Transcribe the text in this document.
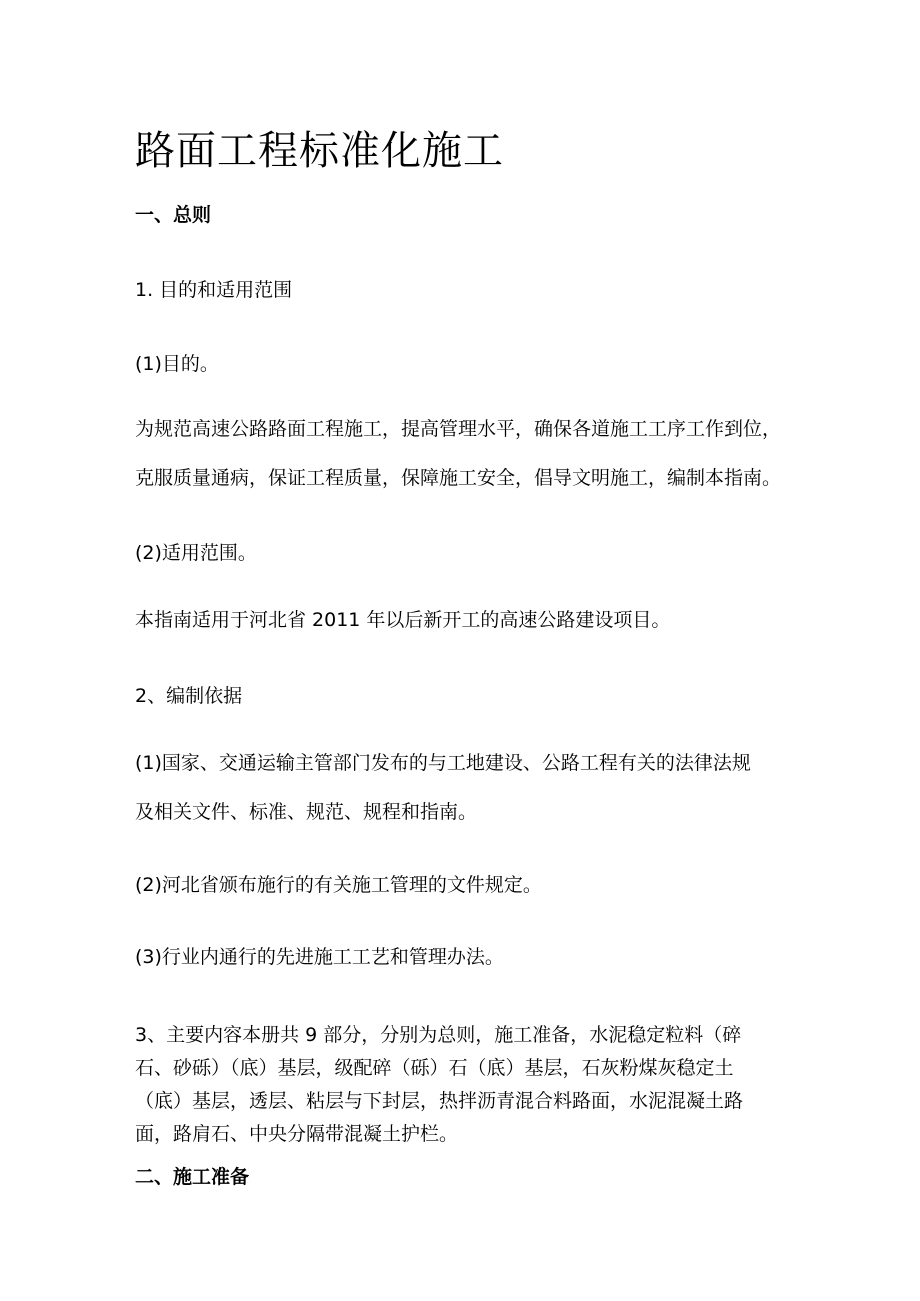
路面工程标准化施工
一、总则
1. 目的和适用范围
(1)目的。
为规范高速公路路面工程施工，提高管理水平，确保各道施工工序工作到位，
克服质量通病，保证工程质量，保障施工安全，倡导文明施工，编制本指南。
(2)适用范围。
本指南适用于河北省 2011 年以后新开工的高速公路建设项目。
2、编制依据
(1)国家、交通运输主管部门发布的与工地建设、公路工程有关的法律法规
及相关文件、标准、规范、规程和指南。
(2)河北省颁布施行的有关施工管理的文件规定。
(3)行业内通行的先进施工工艺和管理办法。
3、主要内容本册共 9 部分，分别为总则，施工准备，水泥稳定粒料（碎
石、砂砾）（底）基层，级配碎（砾）石（底）基层，石灰粉煤灰稳定土
（底）基层，透层、粘层与下封层，热拌沥青混合料路面，水泥混凝土路
面，路肩石、中央分隔带混凝土护栏。
二、施工准备
